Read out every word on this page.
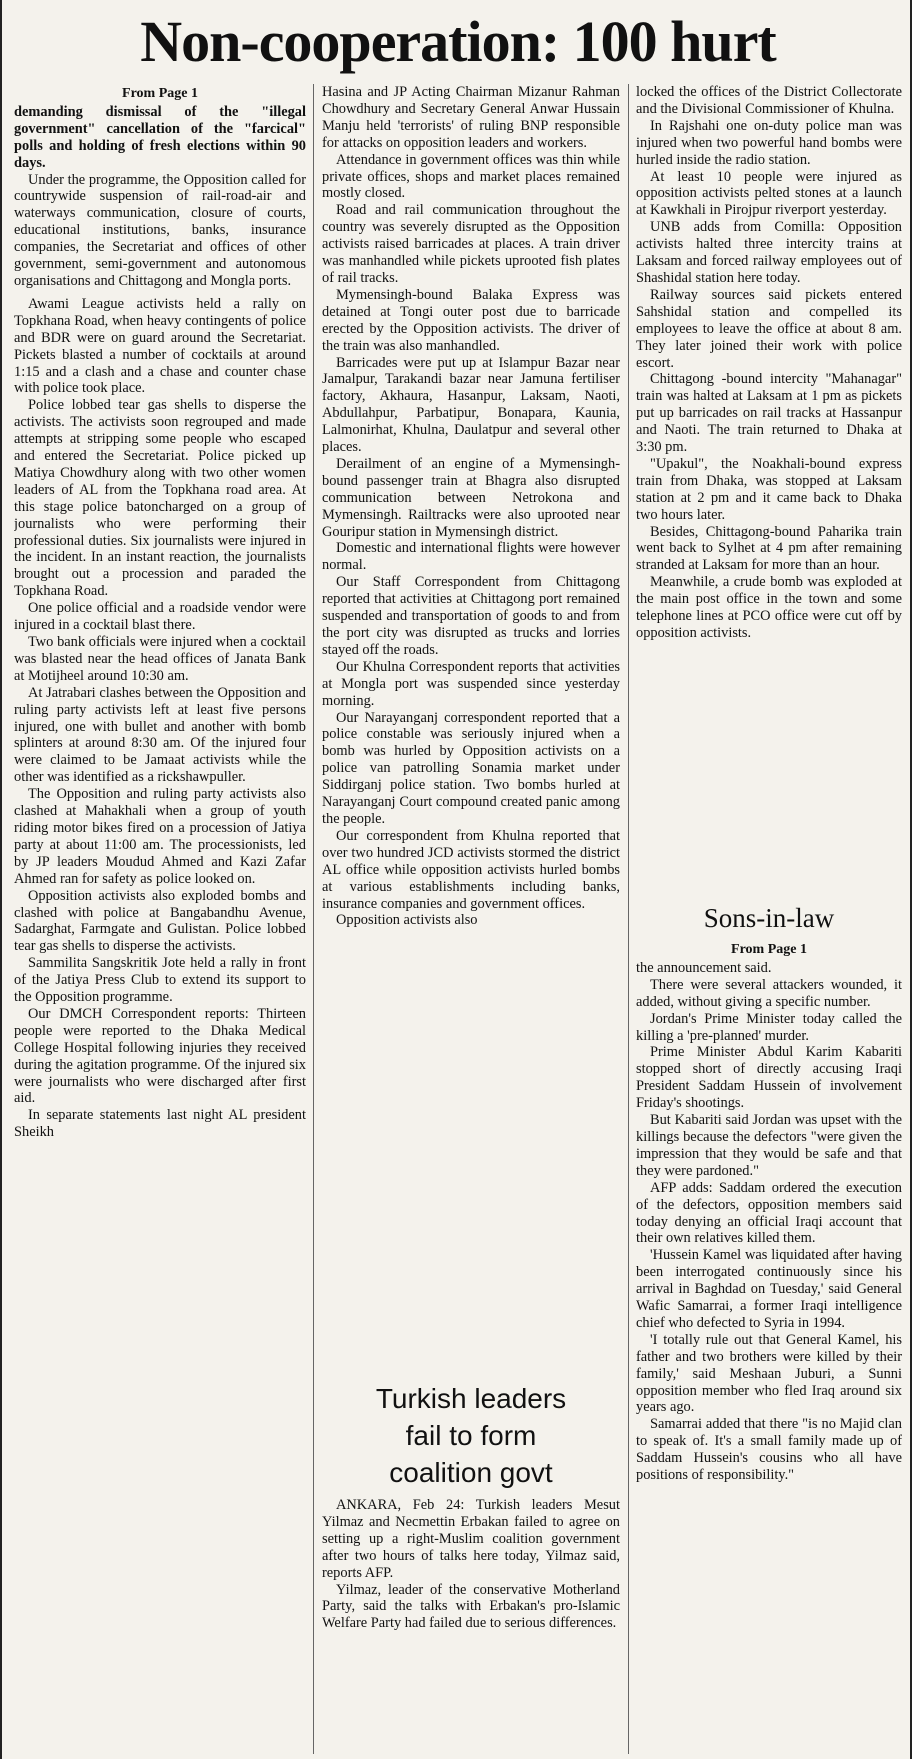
Non-cooperation: 100 hurt

From Page 1

demanding dismissal of the "illegal government" cancellation of the "farcical" polls and holding of fresh elections within 90 days.

Under the programme, the Opposition called for countrywide suspension of rail-road-air and waterways communication, closure of courts, educational institutions, banks, insurance companies, the Secretariat and offices of other government, semi-government and autonomous organisations and Chittagong and Mongla ports.

Awami League activists held a rally on Topkhana Road, when heavy contingents of police and BDR were on guard around the Secretariat. Pickets blasted a number of cocktails at around 1:15 and a clash and a chase and counter chase with police took place.

Police lobbed tear gas shells to disperse the activists. The activists soon regrouped and made attempts at stripping some people who escaped and entered the Secretariat. Police picked up Matiya Chowdhury along with two other women leaders of AL from the Topkhana road area. At this stage police batoncharged on a group of journalists who were performing their professional duties. Six journalists were injured in the incident. In an instant reaction, the journalists brought out a procession and paraded the Topkhana Road.

One police official and a roadside vendor were injured in a cocktail blast there.

Two bank officials were injured when a cocktail was blasted near the head offices of Janata Bank at Motijheel around 10:30 am.

At Jatrabari clashes between the Opposition and ruling party activists left at least five persons injured, one with bullet and another with bomb splinters at around 8:30 am. Of the injured four were claimed to be Jamaat activists while the other was identified as a rickshawpuller.

The Opposition and ruling party activists also clashed at Mahakhali when a group of youth riding motor bikes fired on a procession of Jatiya party at about 11:00 am. The processionists, led by JP leaders Moudud Ahmed and Kazi Zafar Ahmed ran for safety as police looked on.

Opposition activists also exploded bombs and clashed with police at Bangabandhu Avenue, Sadarghat, Farmgate and Gulistan. Police lobbed tear gas shells to disperse the activists.

Sammilita Sangskritik Jote held a rally in front of the Jatiya Press Club to extend its support to the Opposition programme.

Our DMCH Correspondent reports: Thirteen people were reported to the Dhaka Medical College Hospital following injuries they received during the agitation programme. Of the injured six were journalists who were discharged after first aid.

In separate statements last night AL president Sheikh

Hasina and JP Acting Chairman Mizanur Rahman Chowdhury and Secretary General Anwar Hussain Manju held 'terrorists' of ruling BNP responsible for attacks on opposition leaders and workers.

Attendance in government offices was thin while private offices, shops and market places remained mostly closed.

Road and rail communication throughout the country was severely disrupted as the Opposition activists raised barricades at places. A train driver was manhandled while pickets uprooted fish plates of rail tracks.

Mymensingh-bound Balaka Express was detained at Tongi outer post due to barricade erected by the Opposition activists. The driver of the train was also manhandled.

Barricades were put up at Islampur Bazar near Jamalpur, Tarakandi bazar near Jamuna fertiliser factory, Akhaura, Hasanpur, Laksam, Naoti, Abdullahpur, Parbatipur, Bonapara, Kaunia, Lalmonirhat, Khulna, Daulatpur and several other places.

Derailment of an engine of a Mymensingh-bound passenger train at Bhagra also disrupted communication between Netrokona and Mymensingh. Railtracks were also uprooted near Gouripur station in Mymensingh district.

Domestic and international flights were however normal.

Our Staff Correspondent from Chittagong reported that activities at Chittagong port remained suspended and transportation of goods to and from the port city was disrupted as trucks and lorries stayed off the roads.

Our Khulna Correspondent reports that activities at Mongla port was suspended since yesterday morning.

Our Narayanganj correspondent reported that a police constable was seriously injured when a bomb was hurled by Opposition activists on a police van patrolling Sonamia market under Siddirganj police station. Two bombs hurled at Narayanganj Court compound created panic among the people.

Our correspondent from Khulna reported that over two hundred JCD activists stormed the district AL office while opposition activists hurled bombs at various establishments including banks, insurance companies and government offices.

Opposition activists also

Turkish leaders
fail to form
coalition govt

ANKARA, Feb 24: Turkish leaders Mesut Yilmaz and Necmettin Erbakan failed to agree on setting up a right-Muslim coalition government after two hours of talks here today, Yilmaz said, reports AFP.

Yilmaz, leader of the conservative Motherland Party, said the talks with Erbakan's pro-Islamic Welfare Party had failed due to serious differences.

locked the offices of the District Collectorate and the Divisional Commissioner of Khulna.

In Rajshahi one on-duty police man was injured when two powerful hand bombs were hurled inside the radio station.

At least 10 people were injured as opposition activists pelted stones at a launch at Kawkhali in Pirojpur riverport yesterday.

UNB adds from Comilla: Opposition activists halted three intercity trains at Laksam and forced railway employees out of Shashidal station here today.

Railway sources said pickets entered Sahshidal station and compelled its employees to leave the office at about 8 am. They later joined their work with police escort.

Chittagong -bound intercity "Mahanagar" train was halted at Laksam at 1 pm as pickets put up barricades on rail tracks at Hassanpur and Naoti. The train returned to Dhaka at 3:30 pm.

"Upakul", the Noakhali-bound express train from Dhaka, was stopped at Laksam station at 2 pm and it came back to Dhaka two hours later.

Besides, Chittagong-bound Paharika train went back to Sylhet at 4 pm after remaining stranded at Laksam for more than an hour.

Meanwhile, a crude bomb was exploded at the main post office in the town and some telephone lines at PCO office were cut off by opposition activists.

Sons-in-law

From Page 1

the announcement said.

There were several attackers wounded, it added, without giving a specific number.

Jordan's Prime Minister today called the killing a 'pre-planned' murder.

Prime Minister Abdul Karim Kabariti stopped short of directly accusing Iraqi President Saddam Hussein of involvement Friday's shootings.

But Kabariti said Jordan was upset with the killings because the defectors "were given the impression that they would be safe and that they were pardoned."

AFP adds: Saddam ordered the execution of the defectors, opposition members said today denying an official Iraqi account that their own relatives killed them.

'Hussein Kamel was liquidated after having been interrogated continuously since his arrival in Baghdad on Tuesday,' said General Wafic Samarrai, a former Iraqi intelligence chief who defected to Syria in 1994.

'I totally rule out that General Kamel, his father and two brothers were killed by their family,' said Meshaan Juburi, a Sunni opposition member who fled Iraq around six years ago.

Samarrai added that there "is no Majid clan to speak of. It's a small family made up of Saddam Hussein's cousins who all have positions of responsibility."
